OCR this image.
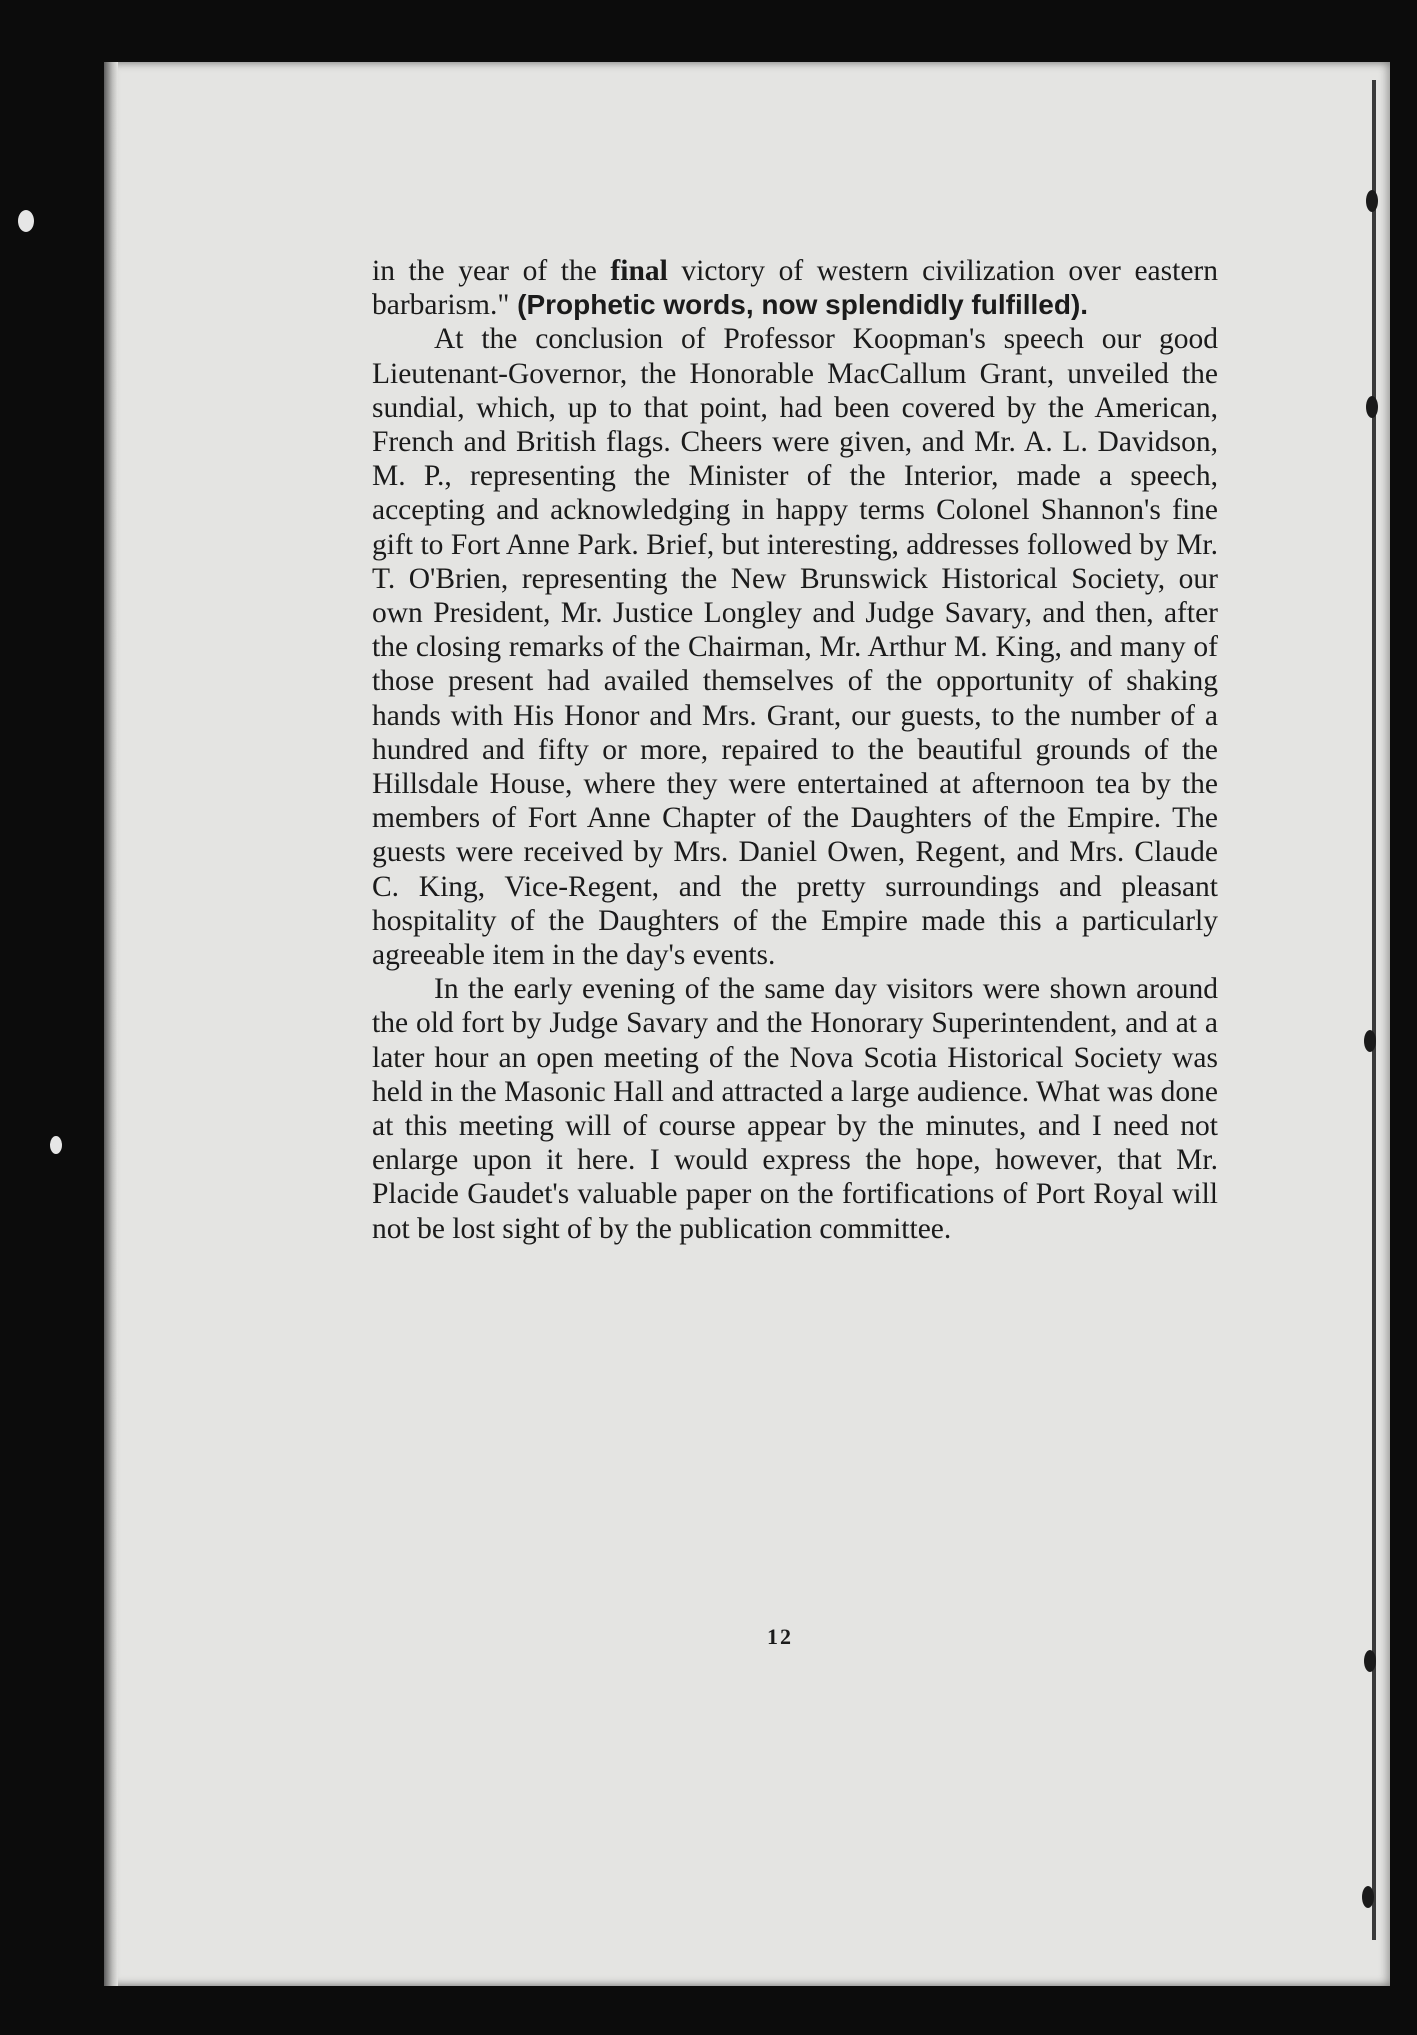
in the year of the final victory of western civilization over eastern barbarism." (Prophetic words, now splendidly fulfilled).

At the conclusion of Professor Koopman's speech our good Lieutenant-Governor, the Honorable MacCallum Grant, unveiled the sundial, which, up to that point, had been covered by the American, French and British flags. Cheers were given, and Mr. A. L. Davidson, M. P., representing the Minister of the Interior, made a speech, accepting and acknowledging in happy terms Colonel Shannon's fine gift to Fort Anne Park. Brief, but interesting, addresses followed by Mr. T. O'Brien, representing the New Brunswick Historical Society, our own President, Mr. Justice Longley and Judge Savary, and then, after the closing remarks of the Chairman, Mr. Arthur M. King, and many of those present had availed themselves of the opportunity of shaking hands with His Honor and Mrs. Grant, our guests, to the number of a hundred and fifty or more, repaired to the beautiful grounds of the Hillsdale House, where they were entertained at afternoon tea by the members of Fort Anne Chapter of the Daughters of the Empire. The guests were received by Mrs. Daniel Owen, Regent, and Mrs. Claude C. King, Vice-Regent, and the pretty surroundings and pleasant hospitality of the Daughters of the Empire made this a particularly agreeable item in the day's events.

In the early evening of the same day visitors were shown around the old fort by Judge Savary and the Honorary Superintendent, and at a later hour an open meeting of the Nova Scotia Historical Society was held in the Masonic Hall and attracted a large audience. What was done at this meeting will of course appear by the minutes, and I need not enlarge upon it here. I would express the hope, however, that Mr. Placide Gaudet's valuable paper on the fortifications of Port Royal will not be lost sight of by the publication committee.

12
